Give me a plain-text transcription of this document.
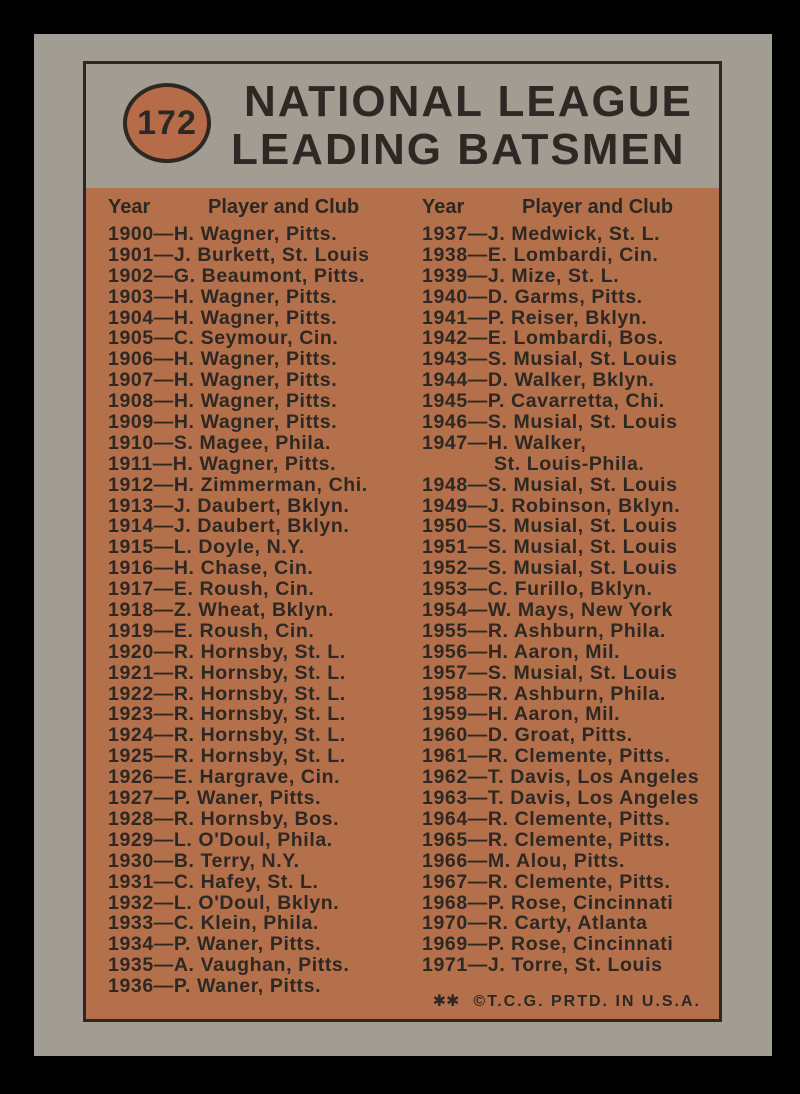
172 NATIONAL LEAGUE
LEADING BATSMEN
Year	Player and Club
1900—H. Wagner, Pitts.
1901—J. Burkett, St. Louis
1902—G. Beaumont, Pitts.
1903—H. Wagner, Pitts.
1904—H. Wagner, Pitts.
1905—C. Seymour, Cin.
1906—H. Wagner, Pitts.
1907—H. Wagner, Pitts.
1908—H. Wagner, Pitts.
1909—H. Wagner, Pitts.
1910—S. Magee, Phila.
1911—H. Wagner, Pitts.
1912—H. Zimmerman, Chi.
1913—J. Daubert, Bklyn.
1914—J. Daubert, Bklyn.
1915—L. Doyle, N.Y.
1916—H. Chase, Cin.
1917—E. Roush, Cin.
1918—Z. Wheat, Bklyn.
1919—E. Roush, Cin.
1920—R. Hornsby, St. L.
1921—R. Hornsby, St. L.
1922—R. Hornsby, St. L.
1923—R. Hornsby, St. L.
1924—R. Hornsby, St. L.
1925—R. Hornsby, St. L.
1926—E. Hargrave, Cin.
1927—P. Waner, Pitts.
1928—R. Hornsby, Bos.
1929—L. O'Doul, Phila.
1930—B. Terry, N.Y.
1931—C. Hafey, St. L.
1932—L. O'Doul, Bklyn.
1933—C. Klein, Phila.
1934—P. Waner, Pitts.
1935—A. Vaughan, Pitts.
1936—P. Waner, Pitts.
Year	Player and Club
1937—J. Medwick, St. L.
1938—E. Lombardi, Cin.
1939—J. Mize, St. L.
1940—D. Garms, Pitts.
1941—P. Reiser, Bklyn.
1942—E. Lombardi, Bos.
1943—S. Musial, St. Louis
1944—D. Walker, Bklyn.
1945—P. Cavarretta, Chi.
1946—S. Musial, St. Louis
1947—H. Walker,
St. Louis-Phila.
1948—S. Musial, St. Louis
1949—J. Robinson, Bklyn.
1950—S. Musial, St. Louis
1951—S. Musial, St. Louis
1952—S. Musial, St. Louis
1953—C. Furillo, Bklyn.
1954—W. Mays, New York
1955—R. Ashburn, Phila.
1956—H. Aaron, Mil.
1957—S. Musial, St. Louis
1958—R. Ashburn, Phila.
1959—H. Aaron, Mil.
1960—D. Groat, Pitts.
1961—R. Clemente, Pitts.
1962—T. Davis, Los Angeles
1963—T. Davis, Los Angeles
1964—R. Clemente, Pitts.
1965—R. Clemente, Pitts.
1966—M. Alou, Pitts.
1967—R. Clemente, Pitts.
1968—P. Rose, Cincinnati
1970—R. Carty, Atlanta
1969—P. Rose, Cincinnati
1971—J. Torre, St. Louis
✱✱ ©T.C.G. PRTD. IN U.S.A.
